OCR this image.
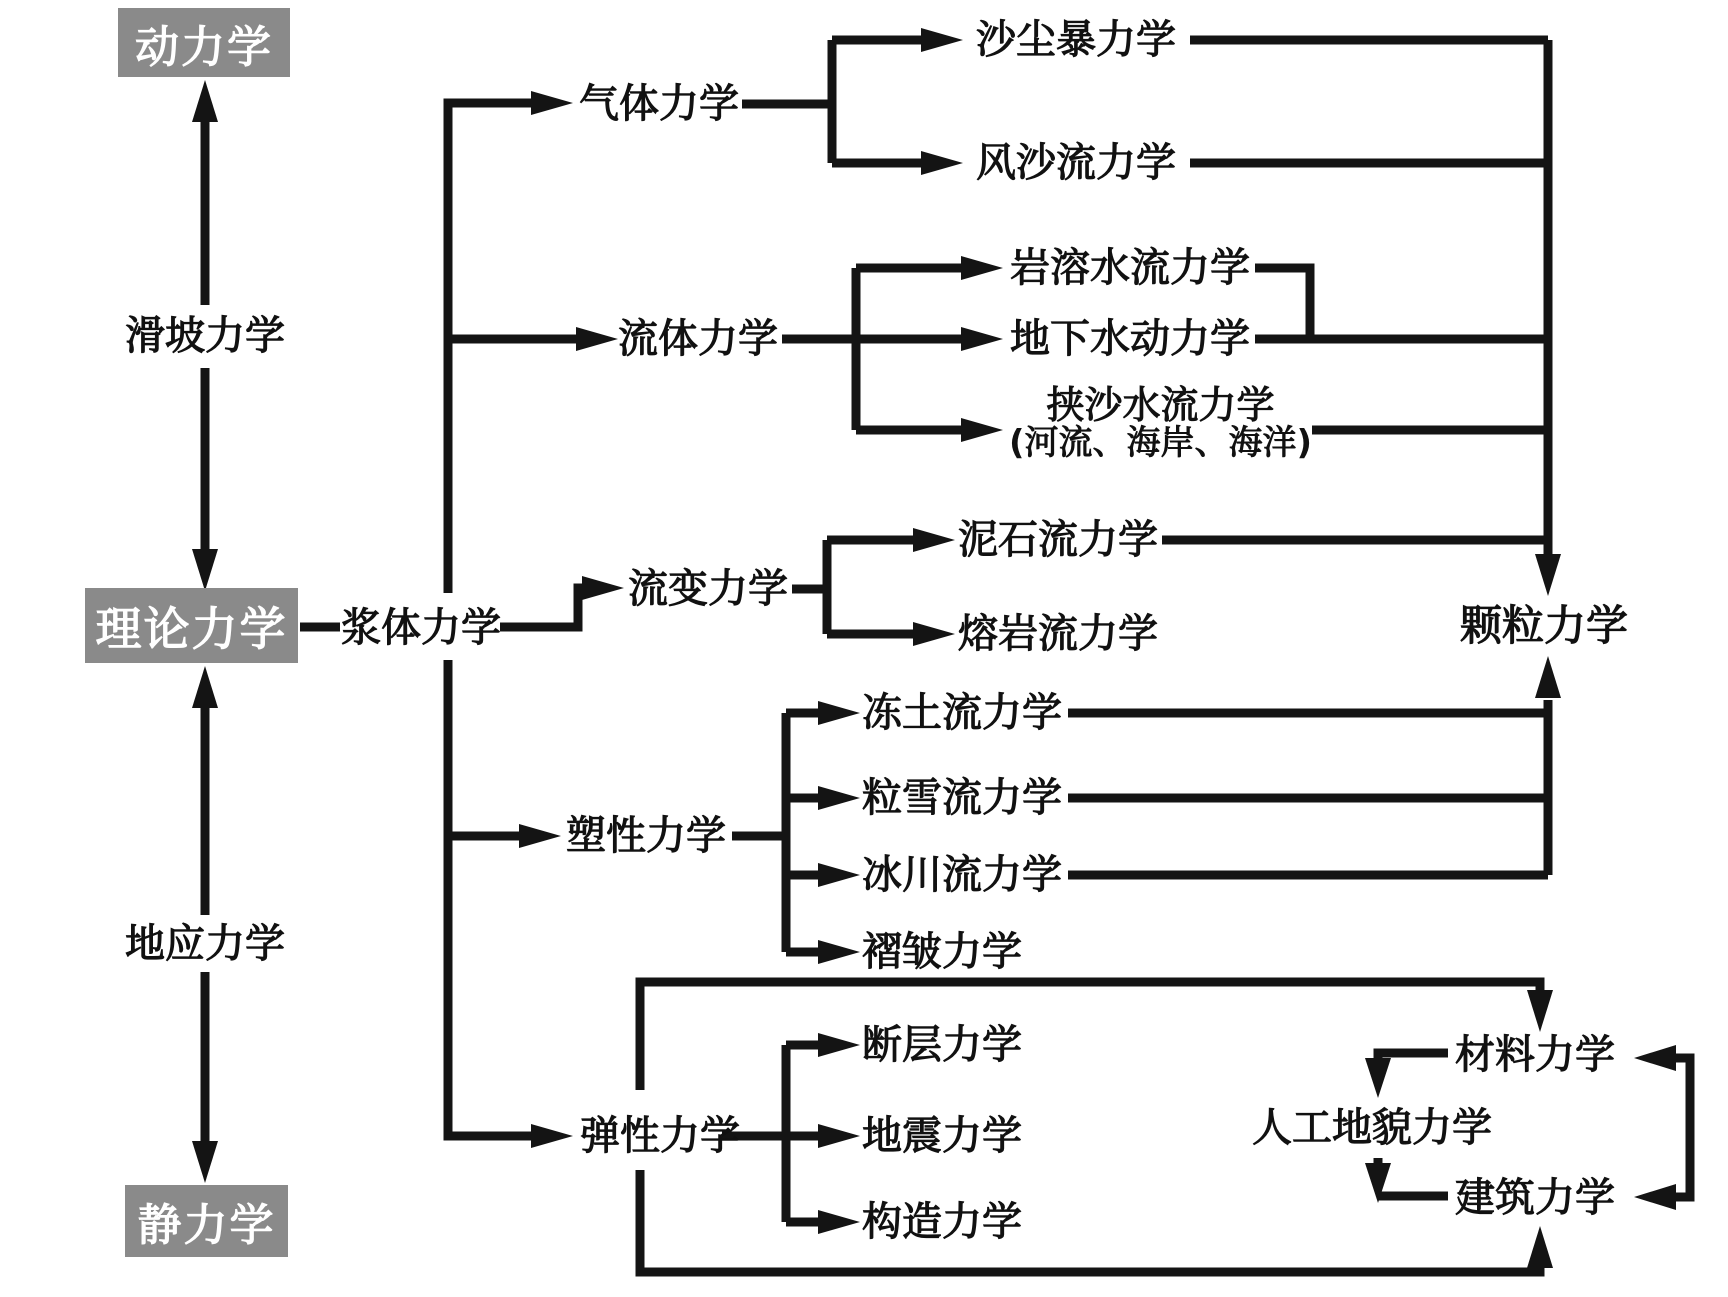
动力学
滑坡力学
理论力学
地应力学
静力学
浆体力学
气体力学
沙尘暴力学
风沙流力学
流体力学
岩溶水流力学
地下水动力学
挟沙水流力学
(河流、海岸、海洋)
流变力学
泥石流力学
熔岩流力学	颗粒力学
塑性力学
冻土流力学
粒雪流力学
冰川流力学
褶皱力学
弹性力学
断层力学
地震力学
构造力学
材料力学
人工地貌力学
建筑力学
